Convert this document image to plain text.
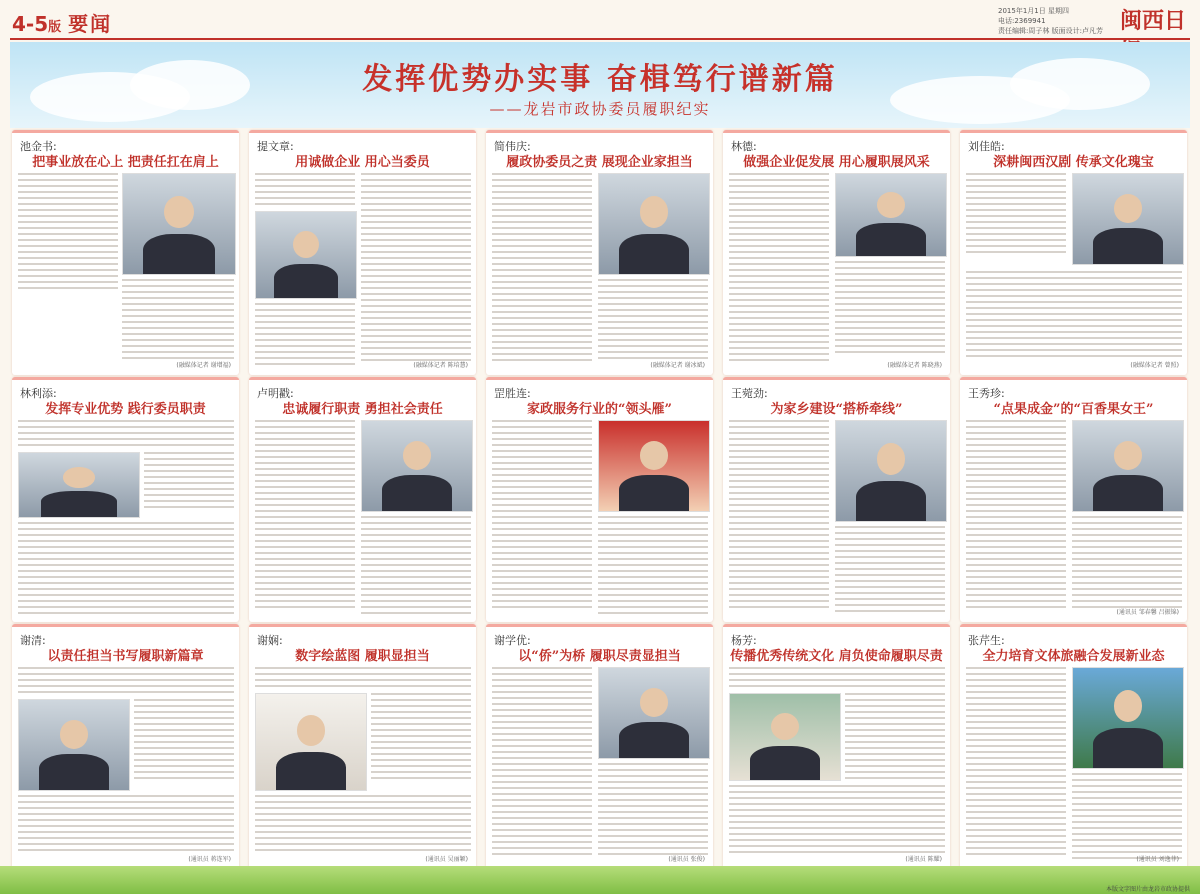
4-5版 要闻
2015年1月1日 星期四
电话:2369941
责任编辑:周子林 版面设计:卢凡芳 闽西日
发挥优势办实事 奋楫笃行谱新篇
——龙岩市政协委员履职纪实
池金书:
把事业放在心上 把责任扛在肩上
(融媒体记者 谢增福)
提文章:
用诚做企业 用心当委员
(融媒体记者 陈培慧)
简伟庆:
履政协委员之责 展现企业家担当
(融媒体记者 谢冰斌)
林德:
做强企业促发展 用心履职展风采
(融媒体记者 陈晓燕)
刘佳皓:
深耕闽西汉剧 传承文化瑰宝
(融媒体记者 曾照)
林利添:
发挥专业优势 践行委员职责
卢明戳:
忠诚履行职责 勇担社会责任
罡胜连:
家政服务行业的“领头雁”
王菀劲:
为家乡建设“搭桥牵线”
王秀珍:
“点果成金”的“百香果女王”
(通讯员 邹春馨 吕振锦)
谢清:
以责任担当书写履职新篇章
(通讯员 蒋连军)
谢娴:
数字绘蓝图 履职显担当
(通讯员 吴丽颖)
谢学优:
以“侨”为桥 履职尽责显担当
(通讯员 张俊)
杨芳:
传播优秀传统文化 肩负使命履职尽责
(通讯员 陈耀)
张芹生:
全力培育文体旅融合发展新业态
(通讯员 刘逸菲)
本版文字图片由龙岩市政协提供
